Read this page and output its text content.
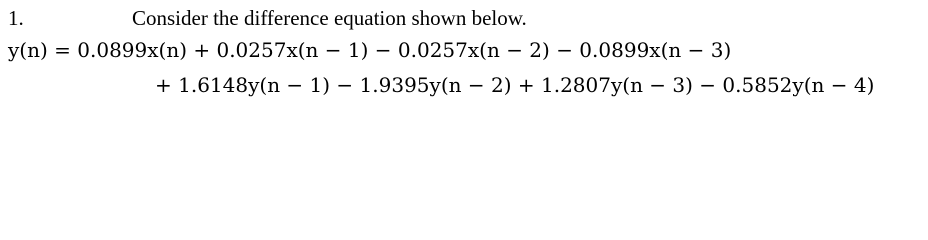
1.	Consider the difference equation shown below.
y(n) = 0.0899x(n) + 0.0257x(n − 1) − 0.0257x(n − 2) − 0.0899x(n − 3)
+ 1.6148y(n − 1) − 1.9395y(n − 2) + 1.2807y(n − 3) − 0.5852y(n − 4)
